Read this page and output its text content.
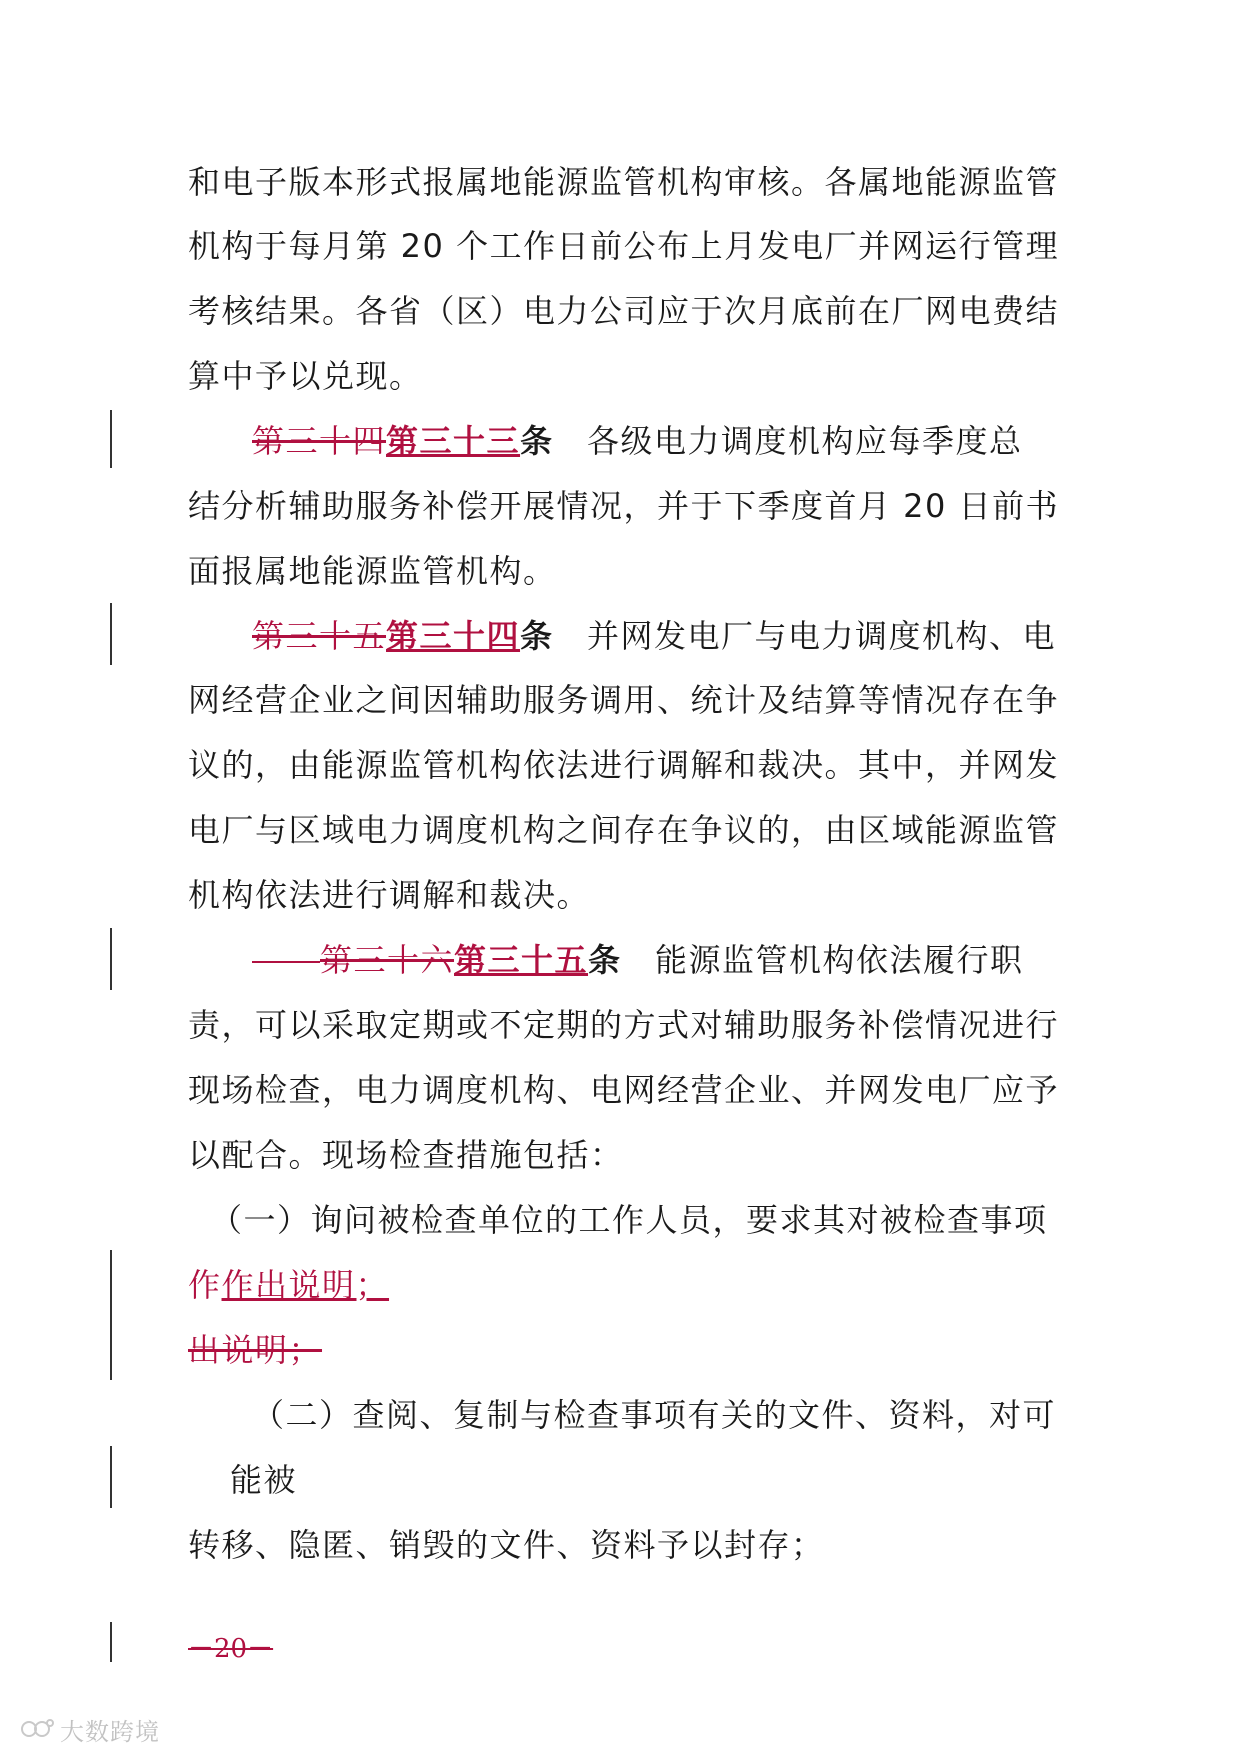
和电子版本形式报属地能源监管机构审核。各属地能源监管
机构于每月第 20 个工作日前公布上月发电厂并网运行管理
考核结果。各省（区）电力公司应于次月底前在厂网电费结
算中予以兑现。
第三十四第三十三条　各级电力调度机构应每季度总
结分析辅助服务补偿开展情况，并于下季度首月 20 日前书
面报属地能源监管机构。
第三十五第三十四条　并网发电厂与电力调度机构、电
网经营企业之间因辅助服务调用、统计及结算等情况存在争
议的，由能源监管机构依法进行调解和裁决。其中，并网发
电厂与区域电力调度机构之间存在争议的，由区域能源监管
机构依法进行调解和裁决。
第三十六第三十五条　能源监管机构依法履行职
责，可以采取定期或不定期的方式对辅助服务补偿情况进行
现场检查，电力调度机构、电网经营企业、并网发电厂应予
以配合。现场检查措施包括：
（一）询问被检查单位的工作人员，要求其对被检查事项
作作出说明；
出说明；
（二）查阅、复制与检查事项有关的文件、资料，对可
能被
转移、隐匿、销毁的文件、资料予以封存；
－20－
大数跨境
